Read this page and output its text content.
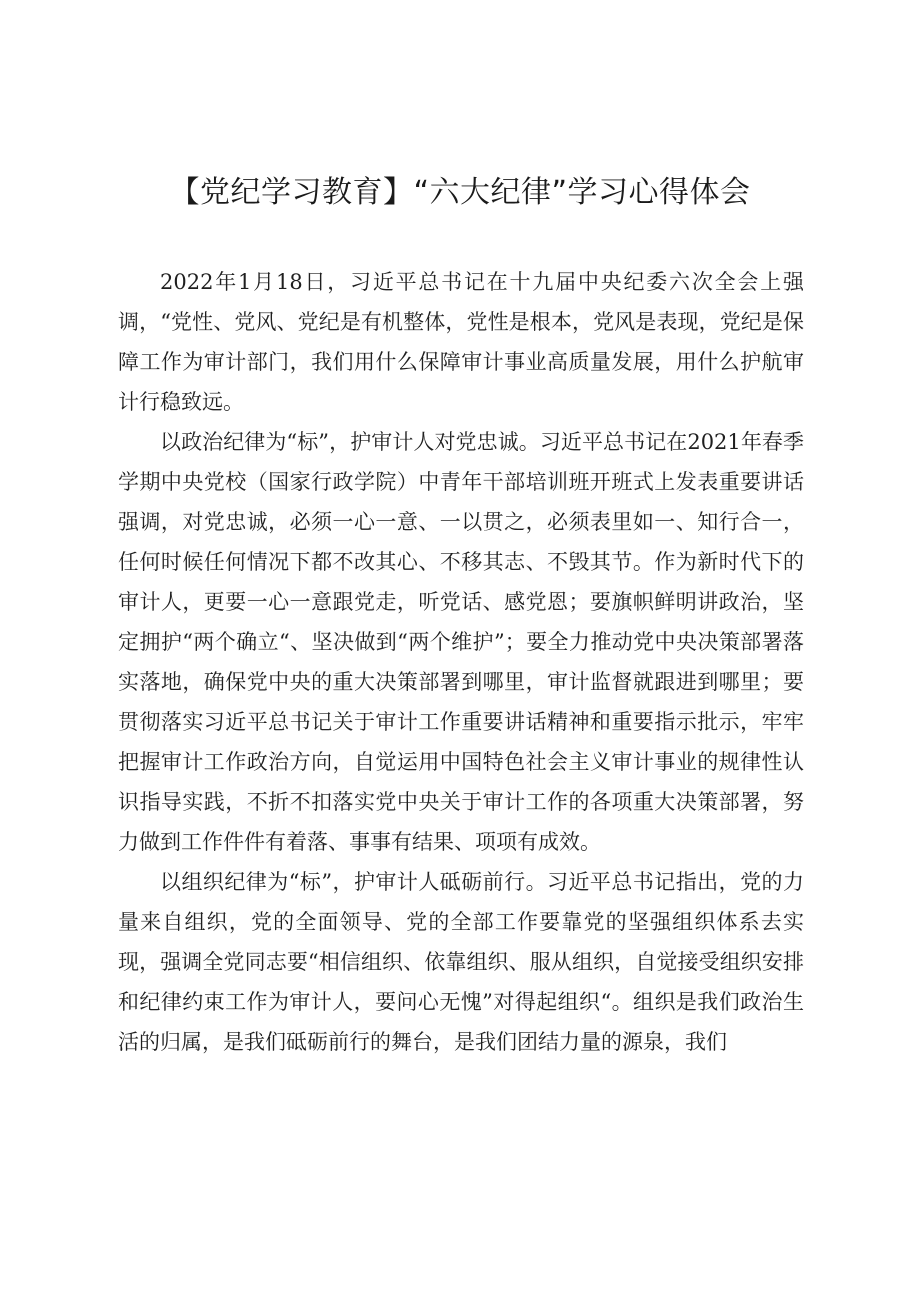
【党纪学习教育】“六大纪律”学习心得体会

2022年1月18日，习近平总书记在十九届中央纪委六次全会上强调，“党性、党风、党纪是有机整体，党性是根本，党风是表现，党纪是保障工作为审计部门，我们用什么保障审计事业高质量发展，用什么护航审计行稳致远。

以政治纪律为“标”，护审计人对党忠诚。习近平总书记在2021年春季学期中央党校（国家行政学院）中青年干部培训班开班式上发表重要讲话强调，对党忠诚，必须一心一意、一以贯之，必须表里如一、知行合一，任何时候任何情况下都不改其心、不移其志、不毁其节。作为新时代下的审计人，更要一心一意跟党走，听党话、感党恩；要旗帜鲜明讲政治，坚定拥护“两个确立“、坚决做到“两个维护”；要全力推动党中央决策部署落实落地，确保党中央的重大决策部署到哪里，审计监督就跟进到哪里；要贯彻落实习近平总书记关于审计工作重要讲话精神和重要指示批示，牢牢把握审计工作政治方向，自觉运用中国特色社会主义审计事业的规律性认识指导实践，不折不扣落实党中央关于审计工作的各项重大决策部署，努力做到工作件件有着落、事事有结果、项项有成效。

以组织纪律为“标”，护审计人砥砺前行。习近平总书记指出，党的力量来自组织，党的全面领导、党的全部工作要靠党的坚强组织体系去实现，强调全党同志要“相信组织、依靠组织、服从组织，自觉接受组织安排和纪律约束工作为审计人，要问心无愧”对得起组织“。组织是我们政治生活的归属，是我们砥砺前行的舞台，是我们团结力量的源泉，我们
